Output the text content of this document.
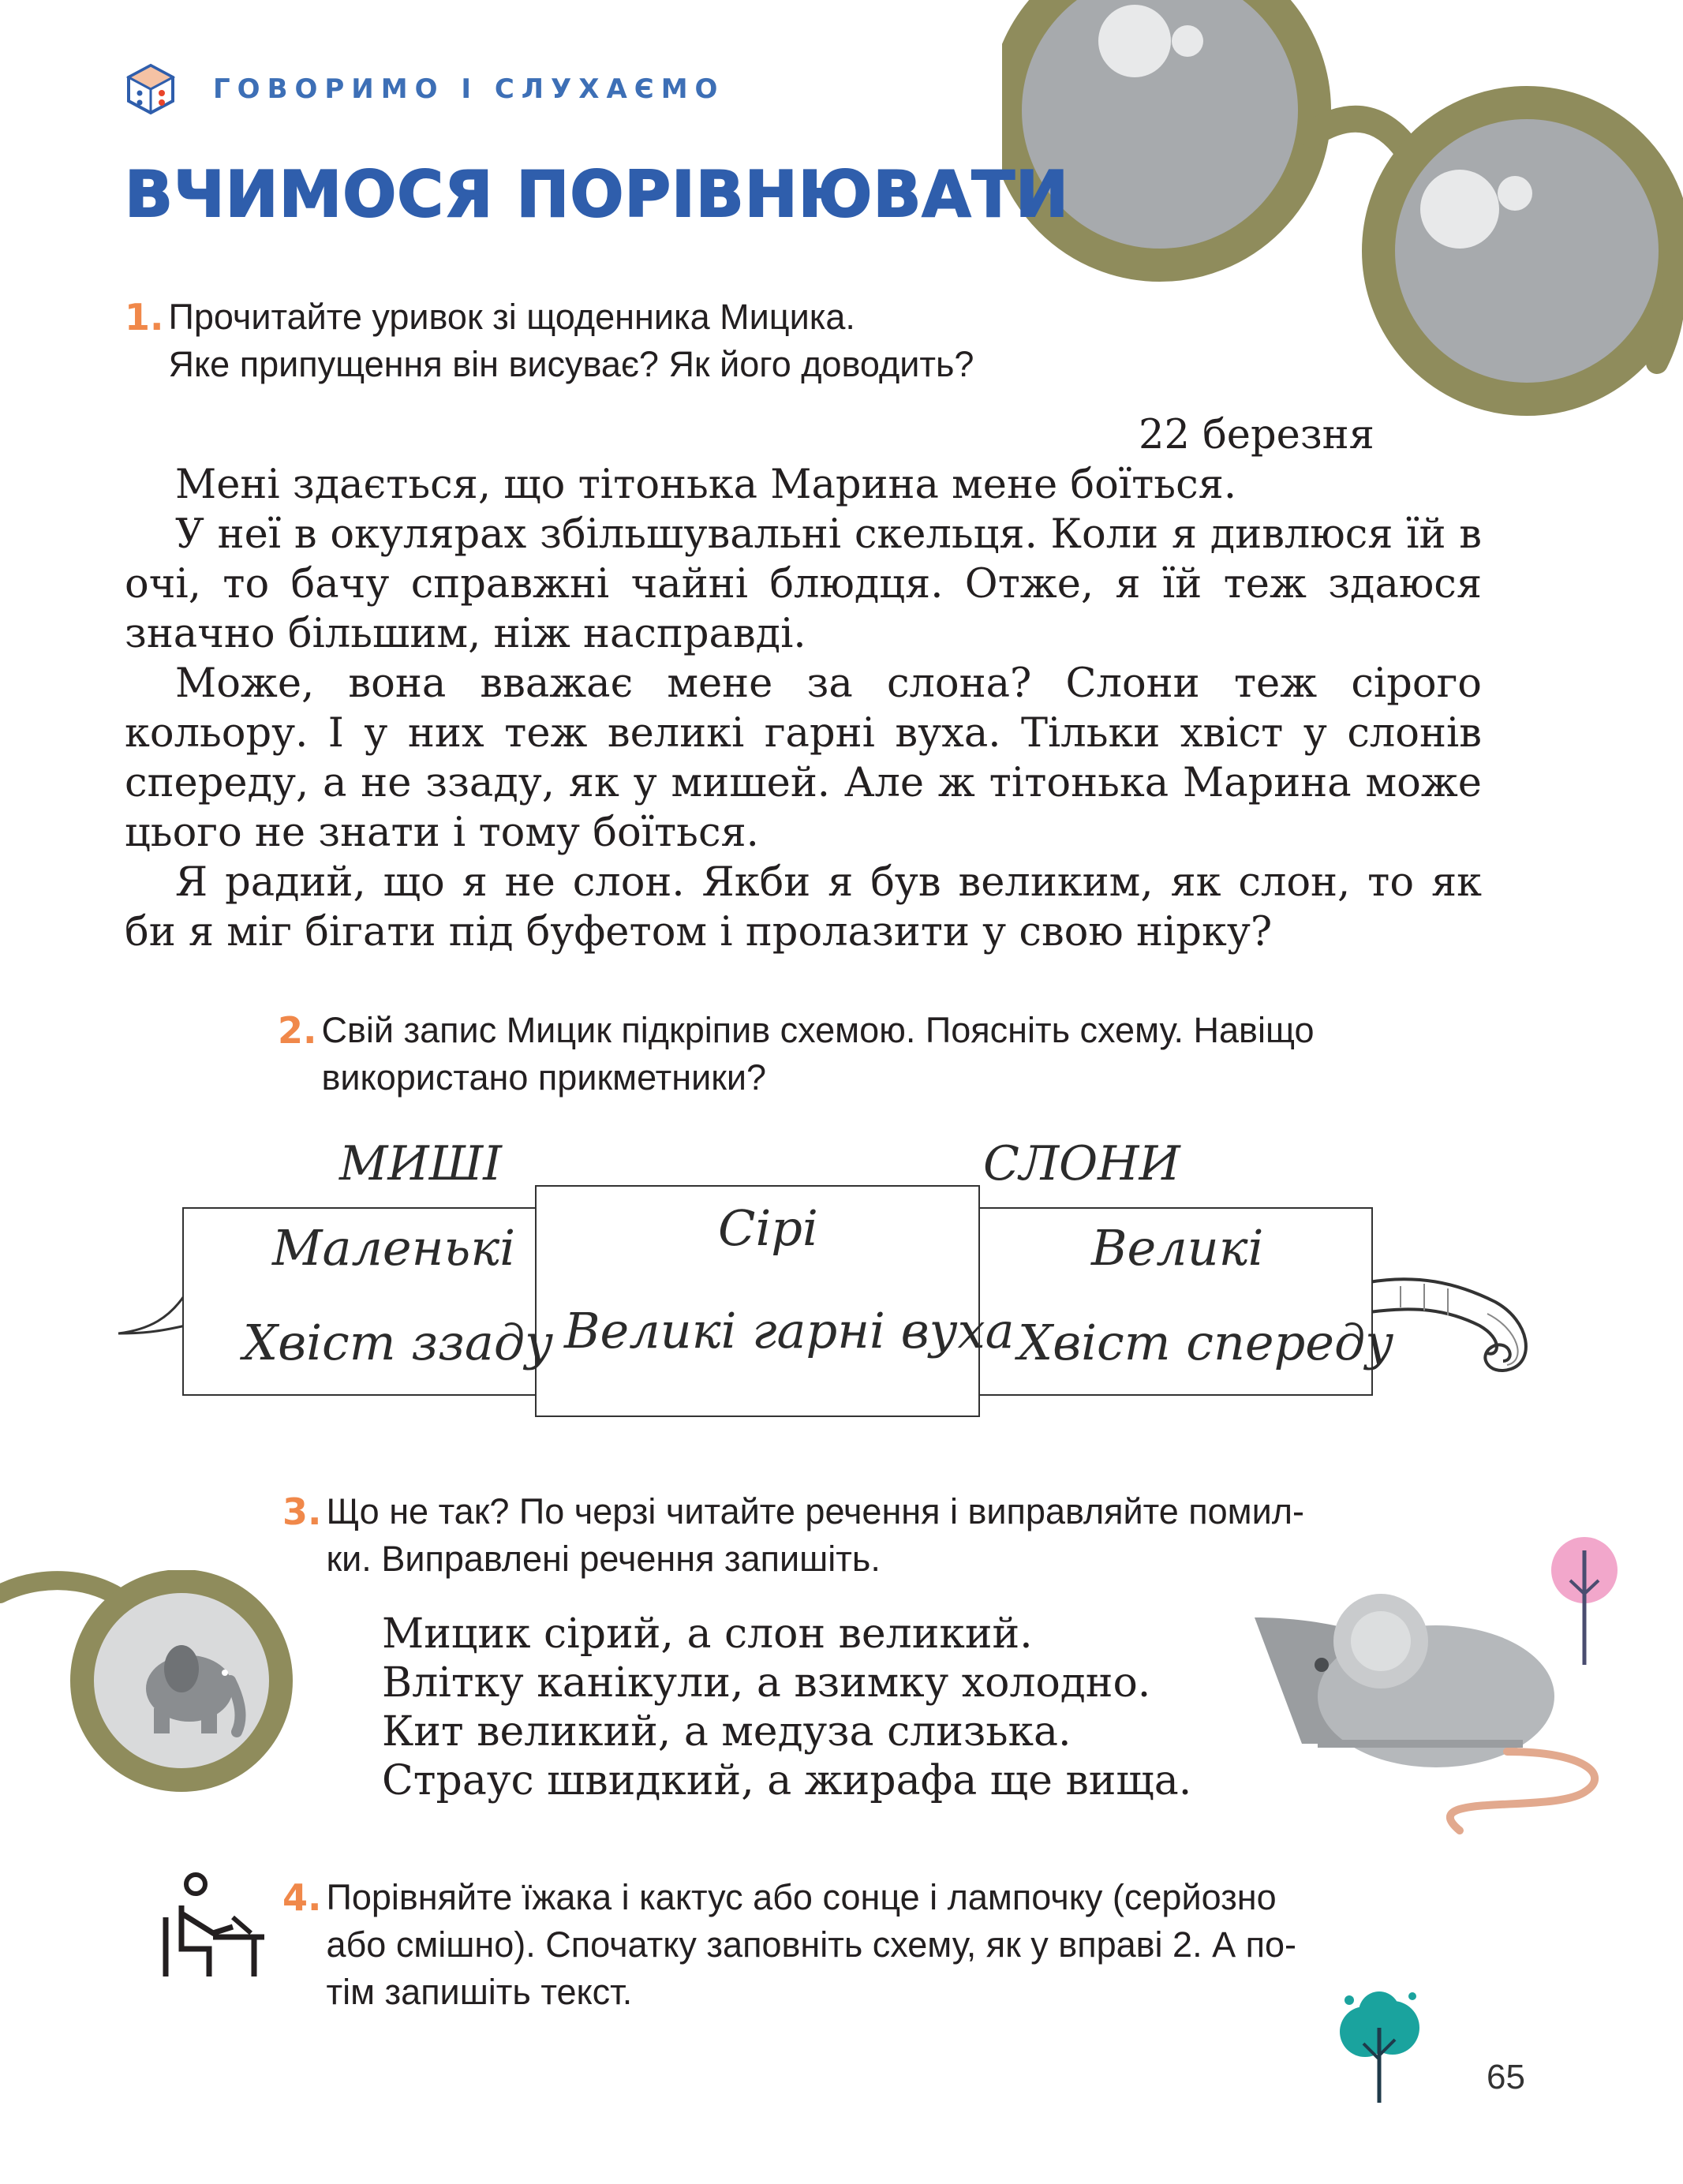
ГОВОРИМО І СЛУХАЄМО
ВЧИМОСЯ ПОРІВНЮВАТИ
1. Прочитайте уривок зі щоденника Мицика.
Яке припущення він висуває? Як його доводить?
22 березня

Мені здається, що тітонька Марина мене боїться.

У неї в окулярах збільшувальні скельця. Коли я дивлюся їй в очі, то бачу справжні чайні блюдця. Отже, я їй теж здаюся значно більшим, ніж насправді.

Може, вона вважає мене за слона? Слони теж сірого кольору. І у них теж великі гарні вуха. Тільки хвіст у слонів спереду, а не ззаду, як у мишей. Але ж тітонька Марина може цього не знати і тому боїться.

Я радий, що я не слон. Якби я був великим, як слон, то як би я міг бігати під буфетом і пролазити у свою нірку?

2. Свій запис Мицик підкріпив схемою. Поясніть схему. Навіщо
використано прикметники?
МИШІ	СЛОНИ
Маленькі
Хвіст ззаду
Сірі
Великі гарні вуха
Великі
Хвіст спереду
3. Що не так? По черзі читайте речення і виправляйте помил-
ки. Виправлені речення запишіть.
Мицик сірий, а слон великий.
Влітку канікули, а взимку холодно.
Кит великий, а медуза слизька.
Страус швидкий, а жирафа ще вища.
4. Порівняйте їжака і кактус або сонце і лампочку (серйозно
або смішно). Спочатку заповніть схему, як у вправі 2. А по-
тім запишіть текст.
65
